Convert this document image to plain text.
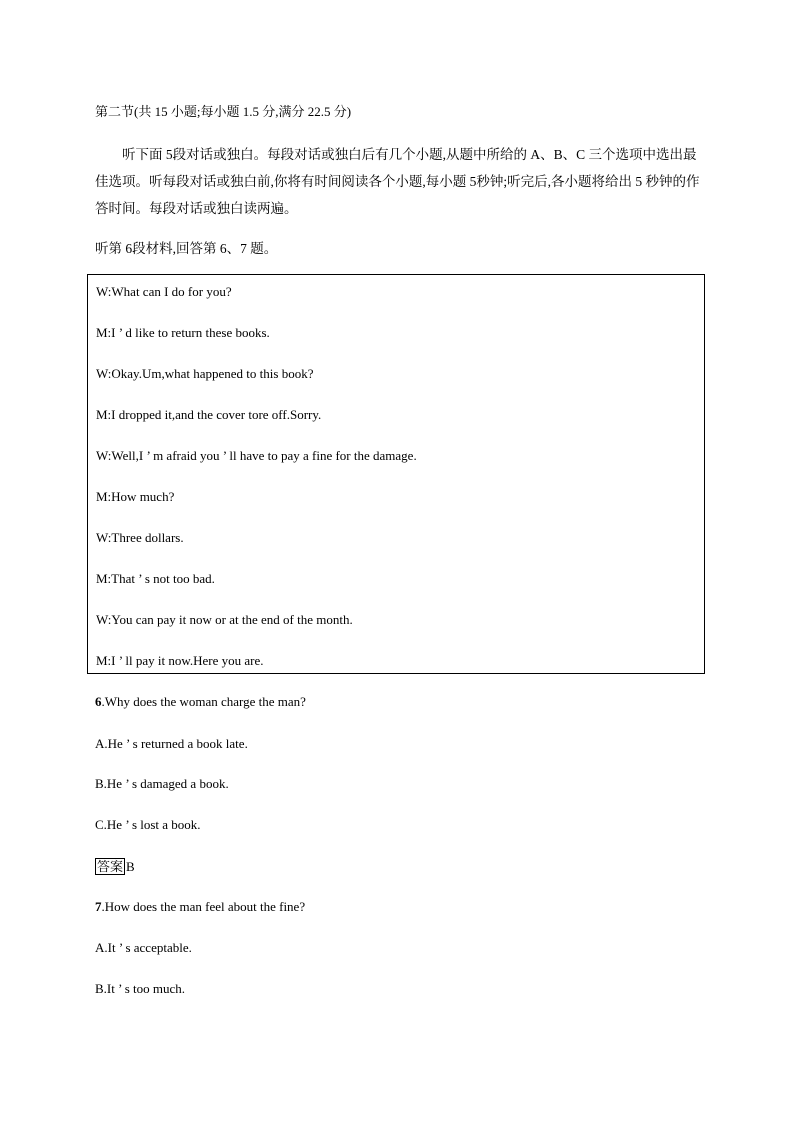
第二节(共 15 小题;每小题 1.5 分,满分 22.5 分)

听下面 5段对话或独白。每段对话或独白后有几个小题,从题中所给的 A、B、C 三个选项中选出最佳选项。听每段对话或独白前,你将有时间阅读各个小题,每小题 5秒钟;听完后,各小题将给出 5 秒钟的作答时间。每段对话或独白读两遍。

听第 6段材料,回答第 6、7 题。
W:What can I do for you?
M:I ’ d like to return these books.
W:Okay.Um,what happened to this book?
M:I dropped it,and the cover tore off.Sorry.
W:Well,I ’ m afraid you ’ ll have to pay a fine for the damage.
M:How much?
W:Three dollars.
M:That ’ s not too bad.
W:You can pay it now or at the end of the month.
M:I ’ ll pay it now.Here you are.
6.Why does the woman charge the man?
A.He ’ s returned a book late.
B.He ’ s damaged a book.
C.He ’ s lost a book.
答案 B
7.How does the man feel about the fine?
A.It ’ s acceptable.
B.It ’ s too much.
